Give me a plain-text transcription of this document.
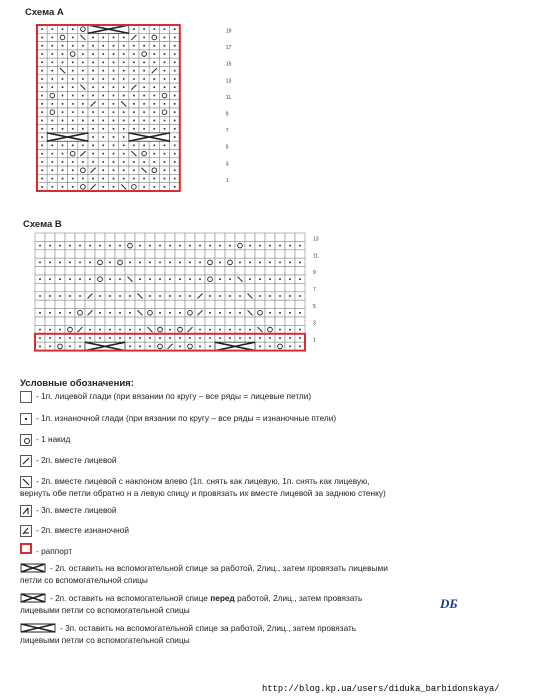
Схема А
Схема В
19
17
15
13
11
9
7
5
3
1
13
11
9
7
5
3
1
Условные обозначения:
- 1п. лицевой глади (при вязании по кругу – все ряды = лицевые петли)
- 1п. изнаночной глади (при вязании по кругу – все ряды = изнаночные птели)
- 1 накид
- 2п. вместе лицевой
- 2п. вместе лицевой с наклоном влево (1п. снять как лицевую, 1п. снять как лицевую,
вернуть обе петли обратно н а левую спицу и провязать их вместе лицевой за заднюю стенку)
- 3п. вместе лицевой
- 2п. вместе изнаночной
- раппорт
- 2п. оставить на вспомогательной спице за работой, 2лиц., затем провязать лицевыми
петли со вспомогательной спицы
- 2п. оставить на вспомогательной спице перед работой, 2лиц., затем провязать
лицевыми петли со вспомогательной спицы
- 3п. оставить на вспомогательной спице за работой, 2лиц., затем провязать
лицевыми петли со вспомогательной спицы
DБ
http://blog.kp.ua/users/diduka_barbidonskaya/
